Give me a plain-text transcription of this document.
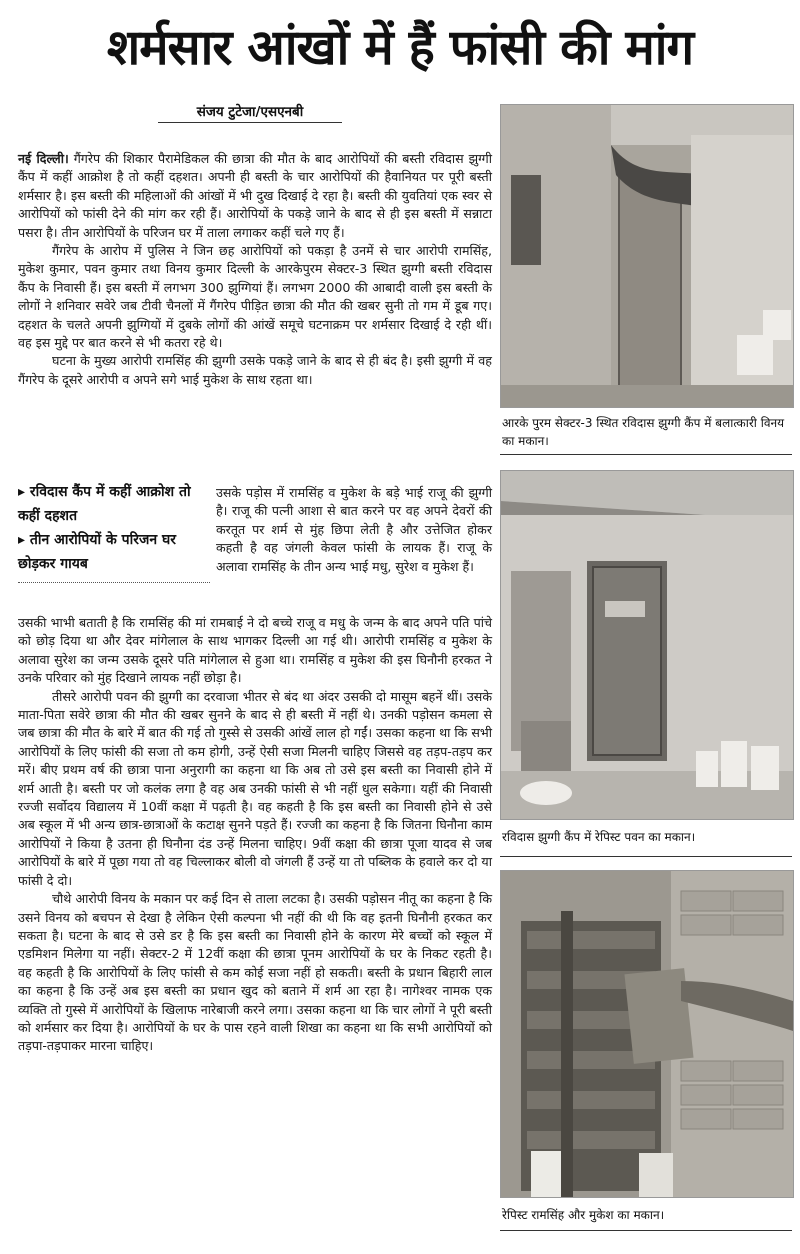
शर्मसार आंखों में हैं फांसी की मांग
संजय टुटेजा/एसएनबी

नई दिल्ली। गैंगरेप की शिकार पैरामेडिकल की छात्रा की मौत के बाद आरोपियों की बस्ती रविदास झुग्गी कैंप में कहीं आक्रोश है तो कहीं दहशत। अपनी ही बस्ती के चार आरोपियों की हैवानियत पर पूरी बस्ती शर्मसार है। इस बस्ती की महिलाओं की आंखों में भी दुख दिखाई दे रहा है। बस्ती की युवतियां एक स्वर से आरोपियों को फांसी देने की मांग कर रही हैं। आरोपियों के पकड़े जाने के बाद से ही इस बस्ती में सन्नाटा पसरा है। तीन आरोपियों के परिजन घर में ताला लगाकर कहीं चले गए हैं।

गैंगरेप के आरोप में पुलिस ने जिन छह आरोपियों को पकड़ा है उनमें से चार आरोपी रामसिंह, मुकेश कुमार, पवन कुमार तथा विनय कुमार दिल्ली के आरकेपुरम सेक्टर-3 स्थित झुग्गी बस्ती रविदास कैंप के निवासी हैं। इस बस्ती में लगभग 300 झुग्गियां हैं। लगभग 2000 की आबादी वाली इस बस्ती के लोगों ने शनिवार सवेरे जब टीवी चैनलों में गैंगरेप पीड़ित छात्रा की मौत की खबर सुनी तो गम में डूब गए। दहशत के चलते अपनी झुग्गियों में दुबके लोगों की आंखें समूचे घटनाक्रम पर शर्मसार दिखाई दे रही थीं। वह इस मुद्दे पर बात करने से भी कतरा रहे थे।

घटना के मुख्य आरोपी रामसिंह की झुग्गी उसके पकड़े जाने के बाद से ही बंद है। इसी झुग्गी में वह गैंगरेप के दूसरे आरोपी व अपने सगे भाई मुकेश के साथ रहता था।

▸ रविदास कैंप में कहीं आक्रोश तो कहीं दहशत
▸ तीन आरोपियों के परिजन घर छोड़कर गायब

उसके पड़ोस में रामसिंह व मुकेश के बड़े भाई राजू की झुग्गी है। राजू की पत्नी आशा से बात करने पर वह अपने देवरों की करतूत पर शर्म से मुंह छिपा लेती है और उत्तेजित होकर कहती है वह जंगली केवल फांसी के लायक हैं। राजू के अलावा रामसिंह के तीन अन्य भाई मधु, सुरेश व मुकेश हैं।

उसकी भाभी बताती है कि रामसिंह की मां रामबाई ने दो बच्चे राजू व मधु के जन्म के बाद अपने पति पांचे को छोड़ दिया था और देवर मांगेलाल के साथ भागकर दिल्ली आ गई थी। आरोपी रामसिंह व मुकेश के अलावा सुरेश का जन्म उसके दूसरे पति मांगेलाल से हुआ था। रामसिंह व मुकेश की इस घिनौनी हरकत ने उनके परिवार को मुंह दिखाने लायक नहीं छोड़ा है।

तीसरे आरोपी पवन की झुग्गी का दरवाजा भीतर से बंद था अंदर उसकी दो मासूम बहनें थीं। उसके माता-पिता सवेरे छात्रा की मौत की खबर सुनने के बाद से ही बस्ती में नहीं थे। उनकी पड़ोसन कमला से जब छात्रा की मौत के बारे में बात की गई तो गुस्से से उसकी आंखें लाल हो गईं। उसका कहना था कि सभी आरोपियों के लिए फांसी की सजा तो कम होगी, उन्हें ऐसी सजा मिलनी चाहिए जिससे वह तड़प-तड़प कर मरें। बीए प्रथम वर्ष की छात्रा पाना अनुरागी का कहना था कि अब तो उसे इस बस्ती का निवासी होने में शर्म आती है। बस्ती पर जो कलंक लगा है वह अब उनकी फांसी से भी नहीं धुल सकेगा। यहीं की निवासी रज्जी सर्वोदय विद्यालय में 10वीं कक्षा में पढ़ती है। वह कहती है कि इस बस्ती का निवासी होने से उसे अब स्कूल में भी अन्य छात्र-छात्राओं के कटाक्ष सुनने पड़ते हैं। रज्जी का कहना है कि जितना घिनौना काम आरोपियों ने किया है उतना ही घिनौना दंड उन्हें मिलना चाहिए। 9वीं कक्षा की छात्रा पूजा यादव से जब आरोपियों के बारे में पूछा गया तो वह चिल्लाकर बोली वो जंगली हैं उन्हें या तो पब्लिक के हवाले कर दो या फांसी दे दो।

चौथे आरोपी विनय के मकान पर कई दिन से ताला लटका है। उसकी पड़ोसन नीतू का कहना है कि उसने विनय को बचपन से देखा है लेकिन ऐसी कल्पना भी नहीं की थी कि वह इतनी घिनौनी हरकत कर सकता है। घटना के बाद से उसे डर है कि इस बस्ती का निवासी होने के कारण मेरे बच्चों को स्कूल में एडमिशन मिलेगा या नहीं। सेक्टर-2 में 12वीं कक्षा की छात्रा पूनम आरोपियों के घर के निकट रहती है। वह कहती है कि आरोपियों के लिए फांसी से कम कोई सजा नहीं हो सकती। बस्ती के प्रधान बिहारी लाल का कहना है कि उन्हें अब इस बस्ती का प्रधान खुद को बताने में शर्म आ रहा है। नागेश्वर नामक एक व्यक्ति तो गुस्से में आरोपियों के खिलाफ नारेबाजी करने लगा। उसका कहना था कि चार लोगों ने पूरी बस्ती को शर्मसार कर दिया है। आरोपियों के घर के पास रहने वाली शिखा का कहना था कि सभी आरोपियों को तड़पा-तड़पाकर मारना चाहिए।

आरके पुरम सेक्टर-3 स्थित रविदास झुग्गी कैंप में बलात्कारी विनय का मकान।
रविदास झुग्गी कैंप में रेपिस्ट पवन का मकान।
रेपिस्ट रामसिंह और मुकेश का मकान।
